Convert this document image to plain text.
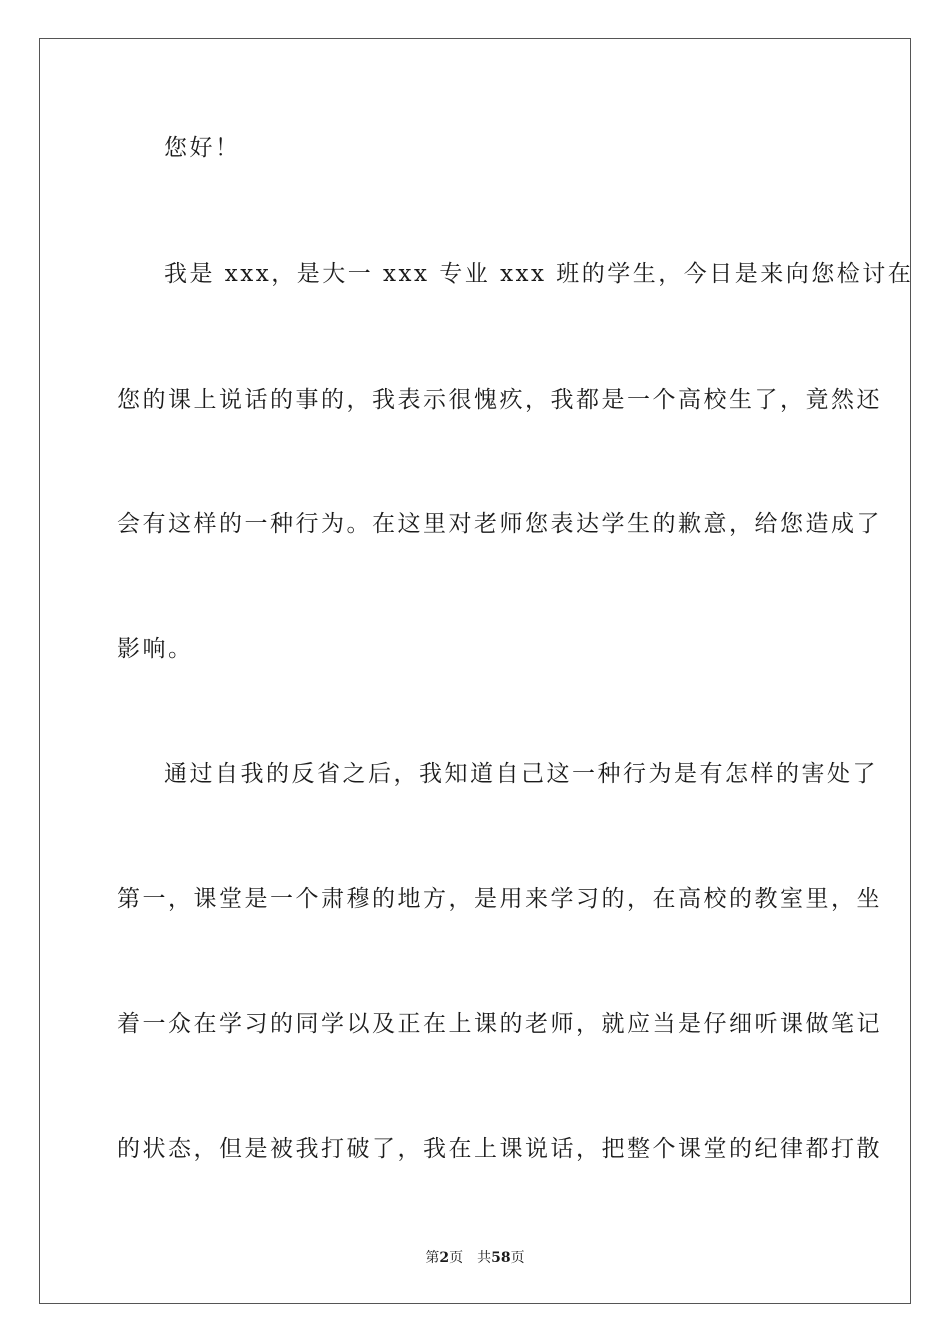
您好！
我是 xxx，是大一 xxx 专业 xxx 班的学生，今日是来向您检讨在
您的课上说话的事的，我表示很愧疚，我都是一个高校生了，竟然还
会有这样的一种行为。在这里对老师您表达学生的歉意，给您造成了
影响。
通过自我的反省之后，我知道自己这一种行为是有怎样的害处了
第一，课堂是一个肃穆的地方，是用来学习的，在高校的教室里，坐
着一众在学习的同学以及正在上课的老师，就应当是仔细听课做笔记
的状态，但是被我打破了，我在上课说话，把整个课堂的纪律都打散
第2页 共58页
